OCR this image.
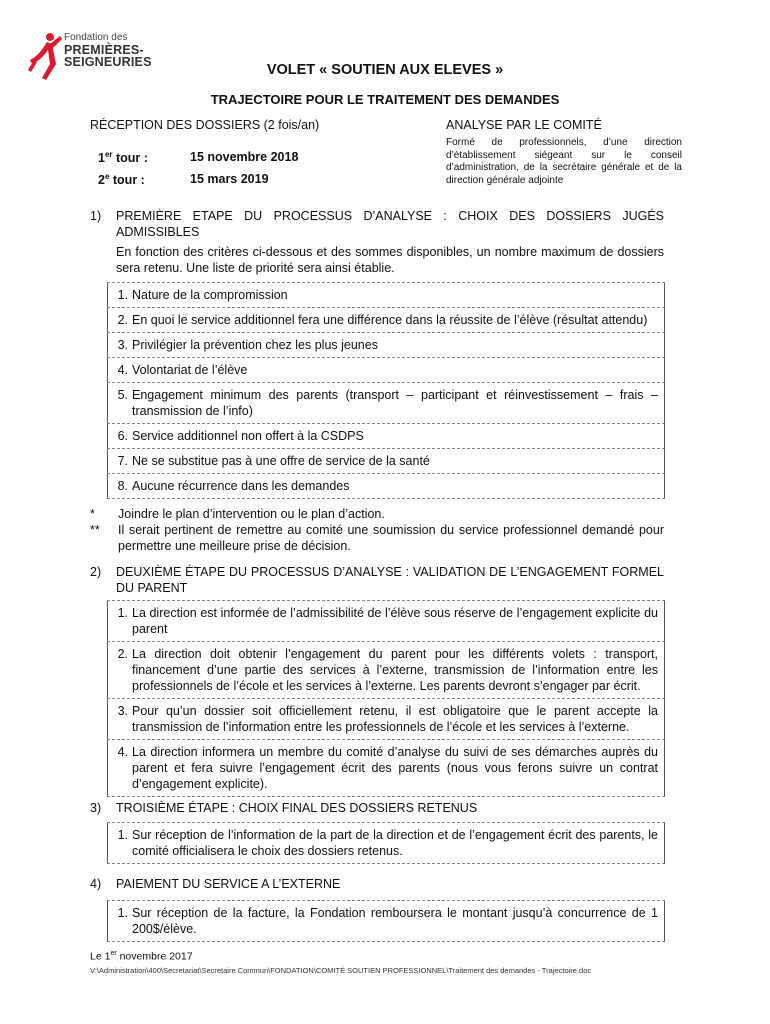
Fondation des
PREMIÈRES-
SEIGNEURIES	VOLET « SOUTIEN AUX ELEVES »
TRAJECTOIRE POUR LE TRAITEMENT DES DEMANDES
RÉCEPTION DES DOSSIERS (2 fois/an)
1er tour :	15 novembre 2018
2e tour :	15 mars 2019
ANALYSE PAR LE COMITÉ
Formé de professionnels, d’une direction d’établissement siégeant sur le conseil d’administration, de la secrétaire générale et de la direction générale adjointe
1) PREMIÈRE ETAPE DU PROCESSUS D’ANALYSE : CHOIX DES DOSSIERS JUGÉS ADMISSIBLES
En fonction des critères ci-dessous et des sommes disponibles, un nombre maximum de dossiers sera retenu. Une liste de priorité sera ainsi établie.
1. Nature de la compromission
2. En quoi le service additionnel fera une différence dans la réussite de l’élève (résultat attendu)
3. Privilégier la prévention chez les plus jeunes
4. Volontariat de l’élève
5. Engagement minimum des parents (transport – participant et réinvestissement – frais – transmission de l’info)
6. Service additionnel non offert à la CSDPS
7. Ne se substitue pas à une offre de service de la santé
8. Aucune récurrence dans les demandes
* Joindre le plan d’intervention ou le plan d’action.
** Il serait pertinent de remettre au comité une soumission du service professionnel demandé pour permettre une meilleure prise de décision.
2) DEUXIÈME ÉTAPE DU PROCESSUS D’ANALYSE : VALIDATION DE L’ENGAGEMENT FORMEL DU PARENT
1. La direction est informée de l’admissibilité de l’élève sous réserve de l’engagement explicite du parent
2. La direction doit obtenir l’engagement du parent pour les différents volets : transport, financement d’une partie des services à l’externe, transmission de l’information entre les professionnels de l’école et les services à l’externe. Les parents devront s’engager par écrit.
3. Pour qu’un dossier soit officiellement retenu, il est obligatoire que le parent accepte la transmission de l’information entre les professionnels de l’école et les services à l’externe.
4. La direction informera un membre du comité d’analyse du suivi de ses démarches auprès du parent et fera suivre l’engagement écrit des parents (nous vous ferons suivre un contrat d’engagement explicite).
3) TROISIÈME ÉTAPE : CHOIX FINAL DES DOSSIERS RETENUS
1. Sur réception de l’information de la part de la direction et de l’engagement écrit des parents, le comité officialisera le choix des dossiers retenus.
4) PAIEMENT DU SERVICE A L’EXTERNE
1. Sur réception de la facture, la Fondation remboursera le montant jusqu’à concurrence de 1 200$/élève.
Le 1er novembre 2017
V:\Administration\400\Secretariat\Secretaire Commun\FONDATION\COMITÉ SOUTIEN PROFESSIONNEL\Traitement des demandes - Trajectoire.doc
